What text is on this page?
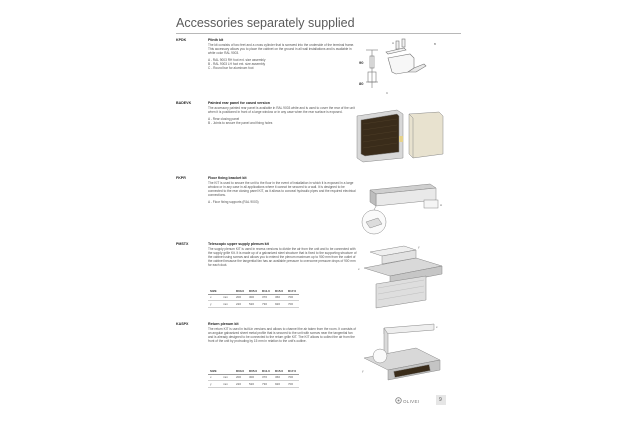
Accessories separately supplied
KPDK	Plinth kit
The kit consists of two feet and a cross cylinder that is screwed into the underside of the terminal frame. This accessory allows you to place the cabinet on the ground in all wall installations and is available in white color RAL 9003.
A - RAL 9003 RH foot ext. size assembly
B - RAL 9003 LH foot ext. size assembly
C - Round bar for aluminum foot
90
80
A	B
C
BADEVK	Painted rear panel for cased version
The accessory painted rear panel is available in RAL 9003 white and is used to cover the rear of the unit when it is positioned in front of a large window or in any case when the rear surface is exposed.
A - Rear closing panel
B - Joints to secure the panel and fixing holes
FKPR	Floor fixing bracket kit
The KIT is used to secure the unit to the floor in the event of installation in which it is exposed in a large window or in any case in all applications where it cannot be secured to a wall. It is designed to be connected to the rear closing panel KIT, as it allows to conceal hydraulic pipes and the required electrical connections.
A - Floor fixing supports (RAL 9003)
A
PMSTX	Telescopic upper supply plenum kit
The supply plenum KIT is used in recess versions to divide the air from the unit and to be connected with the supply grille Kit. It is made up of a galvanized steel structure that is fixed to the supporting structure of the cabinet using screws and allows you to extend the plenum maximum up to 900 mm from the outlet of the cabinet because the tangential fan has an available pressure to overcome pressure drops of 900 mm for each duct.
SIZE		D03.0	D05.0	D11.0	D15.0	D17.0
x	mm	200	300	370	360	700
y	mm	220	520	730	920	700
x
y
KASPX	Return plenum kit
The return KIT is used in built-in versions and allows to channel the air taken from the room. It consists of an angular galvanized sheet metal profile that is secured to the unit with screws near the tangential fan and is already designed to be connected to the return grille KIT. The KIT allows to collect the air from the front of the unit by protruding by 15 mm in relation to the unit's outline.
SIZE		D03.0	D05.0	D11.0	D15.0	D17.0
x	mm	200	300	370	360	700
y	mm	220	520	730	920	700
x
y
OLIVEI	9
